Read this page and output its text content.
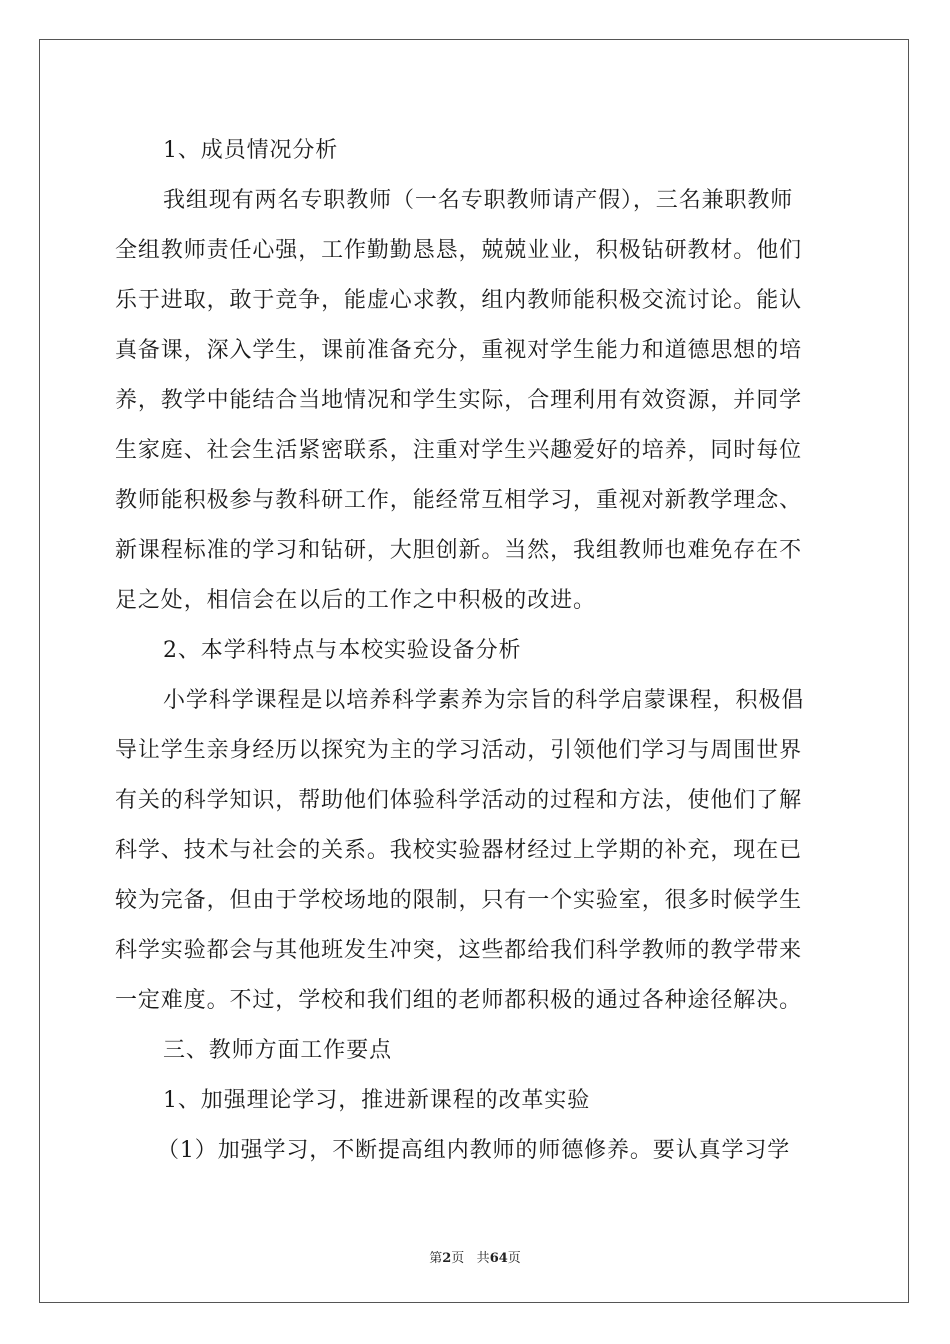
1、成员情况分析
我组现有两名专职教师（一名专职教师请产假），三名兼职教师
全组教师责任心强，工作勤勤恳恳，兢兢业业，积极钻研教材。他们
乐于进取，敢于竞争，能虚心求教，组内教师能积极交流讨论。能认
真备课，深入学生，课前准备充分，重视对学生能力和道德思想的培
养，教学中能结合当地情况和学生实际，合理利用有效资源，并同学
生家庭、社会生活紧密联系，注重对学生兴趣爱好的培养，同时每位
教师能积极参与教科研工作，能经常互相学习，重视对新教学理念、
新课程标准的学习和钻研，大胆创新。当然，我组教师也难免存在不
足之处，相信会在以后的工作之中积极的改进。
2、本学科特点与本校实验设备分析
小学科学课程是以培养科学素养为宗旨的科学启蒙课程，积极倡
导让学生亲身经历以探究为主的学习活动，引领他们学习与周围世界
有关的科学知识，帮助他们体验科学活动的过程和方法，使他们了解
科学、技术与社会的关系。我校实验器材经过上学期的补充，现在已
较为完备，但由于学校场地的限制，只有一个实验室，很多时候学生
科学实验都会与其他班发生冲突，这些都给我们科学教师的教学带来
一定难度。不过，学校和我们组的老师都积极的通过各种途径解决。
三、教师方面工作要点
1、加强理论学习，推进新课程的改革实验
（1）加强学习，不断提高组内教师的师德修养。要认真学习学
第2页 共64页
